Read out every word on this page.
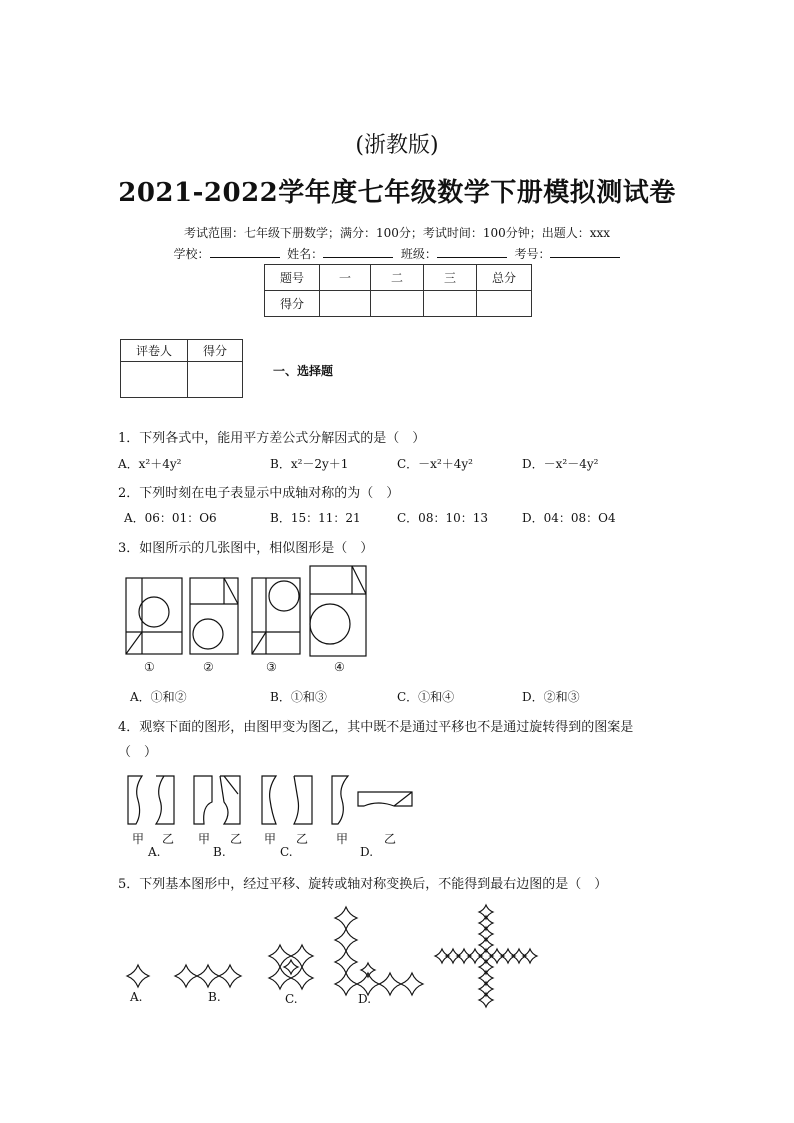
(浙教版)
2021-2022学年度七年级数学下册模拟测试卷
考试范围：七年级下册数学；满分：100分；考试时间：100分钟；出题人：xxx
学校：	姓名：	班级：	考号：
题号	一	二	三	总分
得分				
评卷人	得分

一、选择题
1．下列各式中，能用平方差公式分解因式的是（　）
A．x²＋4y²	B．x²－2y＋1	C．－x²＋4y²	D．－x²－4y²
2．下列时刻在电子表显示中成轴对称的为（　）
A．06：01：O6	B．15：11：21	C．08：10：13	D．04：08：O4
3．如图所示的几张图中，相似图形是（　）
①	②	③	④
A．①和②	B．①和③	C．①和④	D．②和③
4．观察下面的图形，由图甲变为图乙，其中既不是通过平移也不是通过旋转得到的图案是
（　）
甲 乙 甲 乙 甲 乙 甲	乙
A.	B.	C.	D.
5．下列基本图形中，经过平移、旋转或轴对称变换后，不能得到最右边图的是（　）
A.	B.	C.	D.
